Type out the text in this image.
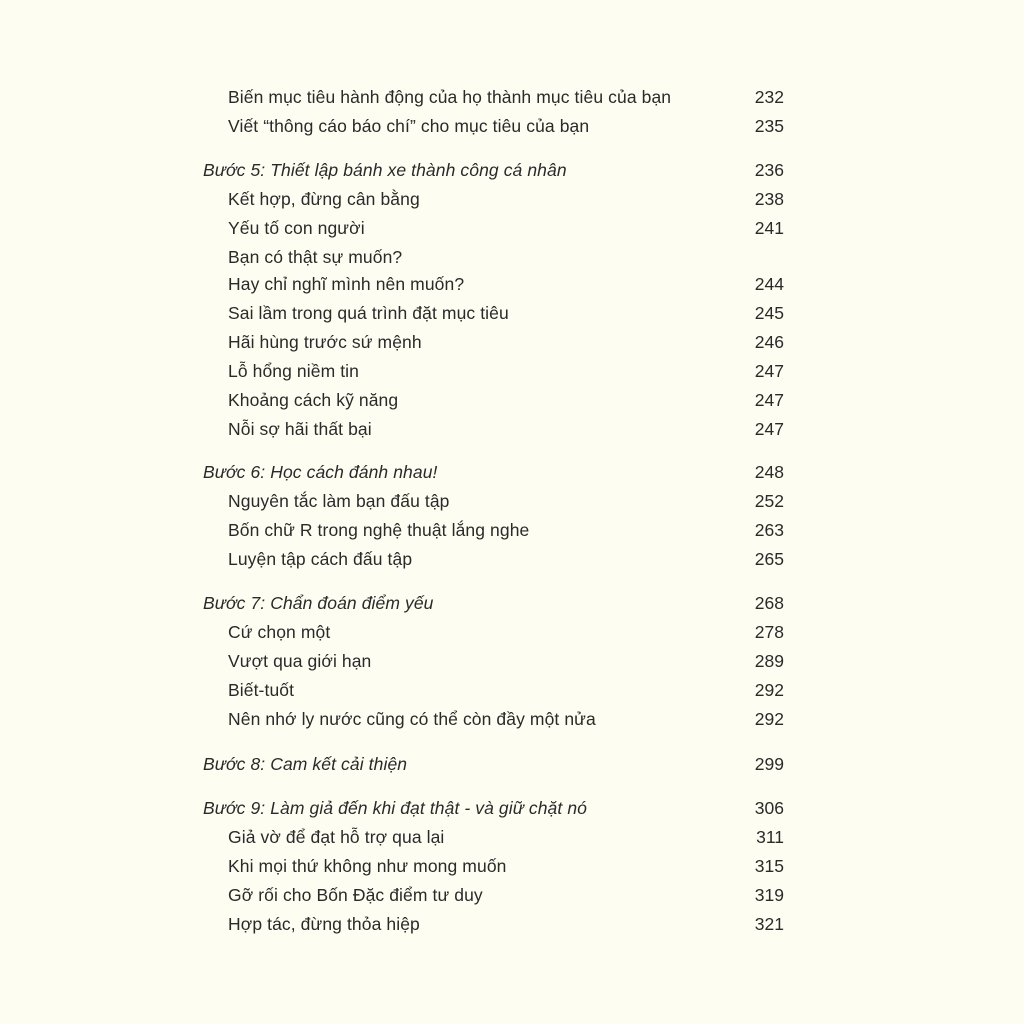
Biến mục tiêu hành động của họ thành mục tiêu của bạn	232
Viết “thông cáo báo chí” cho mục tiêu của bạn	235
Bước 5: Thiết lập bánh xe thành công cá nhân	236
Kết hợp, đừng cân bằng	238
Yếu tố con người	241
Bạn có thật sự muốn?
Hay chỉ nghĩ mình nên muốn?	244
Sai lầm trong quá trình đặt mục tiêu	245
Hãi hùng trước sứ mệnh	246
Lỗ hổng niềm tin	247
Khoảng cách kỹ năng	247
Nỗi sợ hãi thất bại	247
Bước 6: Học cách đánh nhau!	248
Nguyên tắc làm bạn đấu tập	252
Bốn chữ R trong nghệ thuật lắng nghe	263
Luyện tập cách đấu tập	265
Bước 7: Chẩn đoán điểm yếu	268
Cứ chọn một	278
Vượt qua giới hạn	289
Biết-tuốt	292
Nên nhớ ly nước cũng có thể còn đầy một nửa	292
Bước 8: Cam kết cải thiện	299
Bước 9: Làm giả đến khi đạt thật - và giữ chặt nó	306
Giả vờ để đạt hỗ trợ qua lại	311
Khi mọi thứ không như mong muốn	315
Gỡ rối cho Bốn Đặc điểm tư duy	319
Hợp tác, đừng thỏa hiệp	321
